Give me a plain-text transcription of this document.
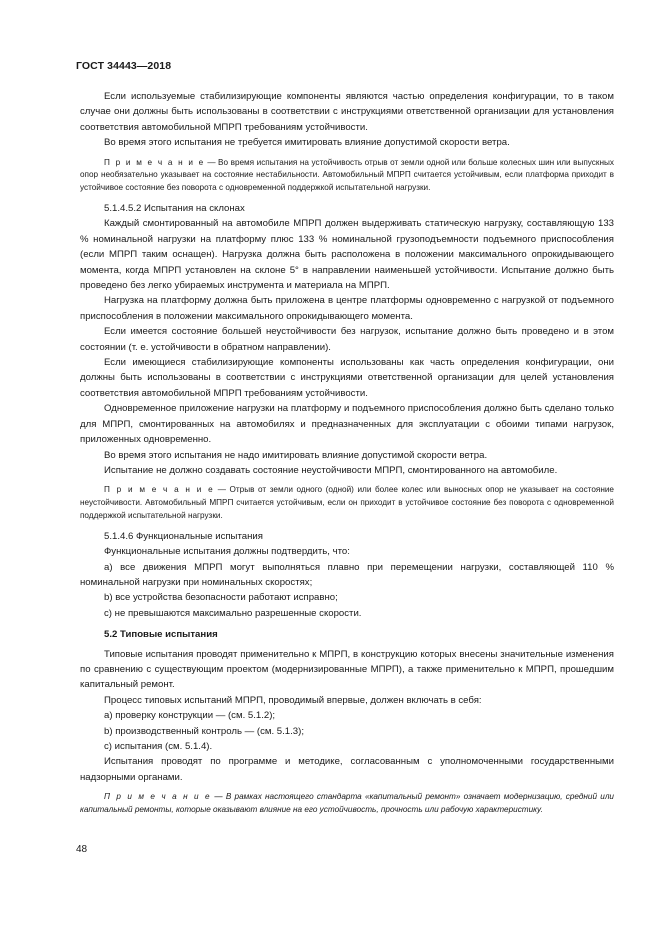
ГОСТ 34443—2018

Если используемые стабилизирующие компоненты являются частью определения конфигурации, то в таком случае они должны быть использованы в соответствии с инструкциями ответственной организации для установления соответствия автомобильной МПРП требованиям устойчивости.

Во время этого испытания не требуется имитировать влияние допустимой скорости ветра.

П р и м е ч а н и е — Во время испытания на устойчивость отрыв от земли одной или больше колесных шин или выпускных опор необязательно указывает на состояние нестабильности. Автомобильный МПРП считается устойчивым, если платформа приходит в устойчивое состояние без поворота с одновременной поддержкой испытательной нагрузки.

5.1.4.5.2 Испытания на склонах

Каждый смонтированный на автомобиле МПРП должен выдерживать статическую нагрузку, составляющую 133 % номинальной нагрузки на платформу плюс 133 % номинальной грузоподъемности подъемного приспособления (если МПРП таким оснащен). Нагрузка должна быть расположена в положении максимального опрокидывающего момента, когда МПРП установлен на склоне 5° в направлении наименьшей устойчивости. Испытание должно быть проведено без легко убираемых инструмента и материала на МПРП.

Нагрузка на платформу должна быть приложена в центре платформы одновременно с нагрузкой от подъемного приспособления в положении максимального опрокидывающего момента.

Если имеется состояние большей неустойчивости без нагрузок, испытание должно быть проведено и в этом состоянии (т. е. устойчивости в обратном направлении).

Если имеющиеся стабилизирующие компоненты использованы как часть определения конфигурации, они должны быть использованы в соответствии с инструкциями ответственной организации для целей установления соответствия автомобильной МПРП требованиям устойчивости.

Одновременное приложение нагрузки на платформу и подъемного приспособления должно быть сделано только для МПРП, смонтированных на автомобилях и предназначенных для эксплуатации с обоими типами нагрузок, приложенных одновременно.

Во время этого испытания не надо имитировать влияние допустимой скорости ветра.

Испытание не должно создавать состояние неустойчивости МПРП, смонтированного на автомобиле.

П р и м е ч а н и е — Отрыв от земли одного (одной) или более колес или выносных опор не указывает на состояние неустойчивости. Автомобильный МПРП считается устойчивым, если он приходит в устойчивое состояние без поворота с одновременной поддержкой испытательной нагрузки.

5.1.4.6 Функциональные испытания

Функциональные испытания должны подтвердить, что:

a) все движения МПРП могут выполняться плавно при перемещении нагрузки, составляющей 110 % номинальной нагрузки при номинальных скоростях;

b) все устройства безопасности работают исправно;

c) не превышаются максимально разрешенные скорости.

5.2 Типовые испытания

Типовые испытания проводят применительно к МПРП, в конструкцию которых внесены значительные изменения по сравнению с существующим проектом (модернизированные МПРП), а также применительно к МПРП, прошедшим капитальный ремонт.

Процесс типовых испытаний МПРП, проводимый впервые, должен включать в себя:

a) проверку конструкции — (см. 5.1.2);

b) производственный контроль — (см. 5.1.3);

c) испытания (см. 5.1.4).

Испытания проводят по программе и методике, согласованным с уполномоченными государственными надзорными органами.

П р и м е ч а н и е — В рамках настоящего стандарта «капитальный ремонт» означает модернизацию, средний или капитальный ремонты, которые оказывают влияние на его устойчивость, прочность или рабочую характеристику.

48
